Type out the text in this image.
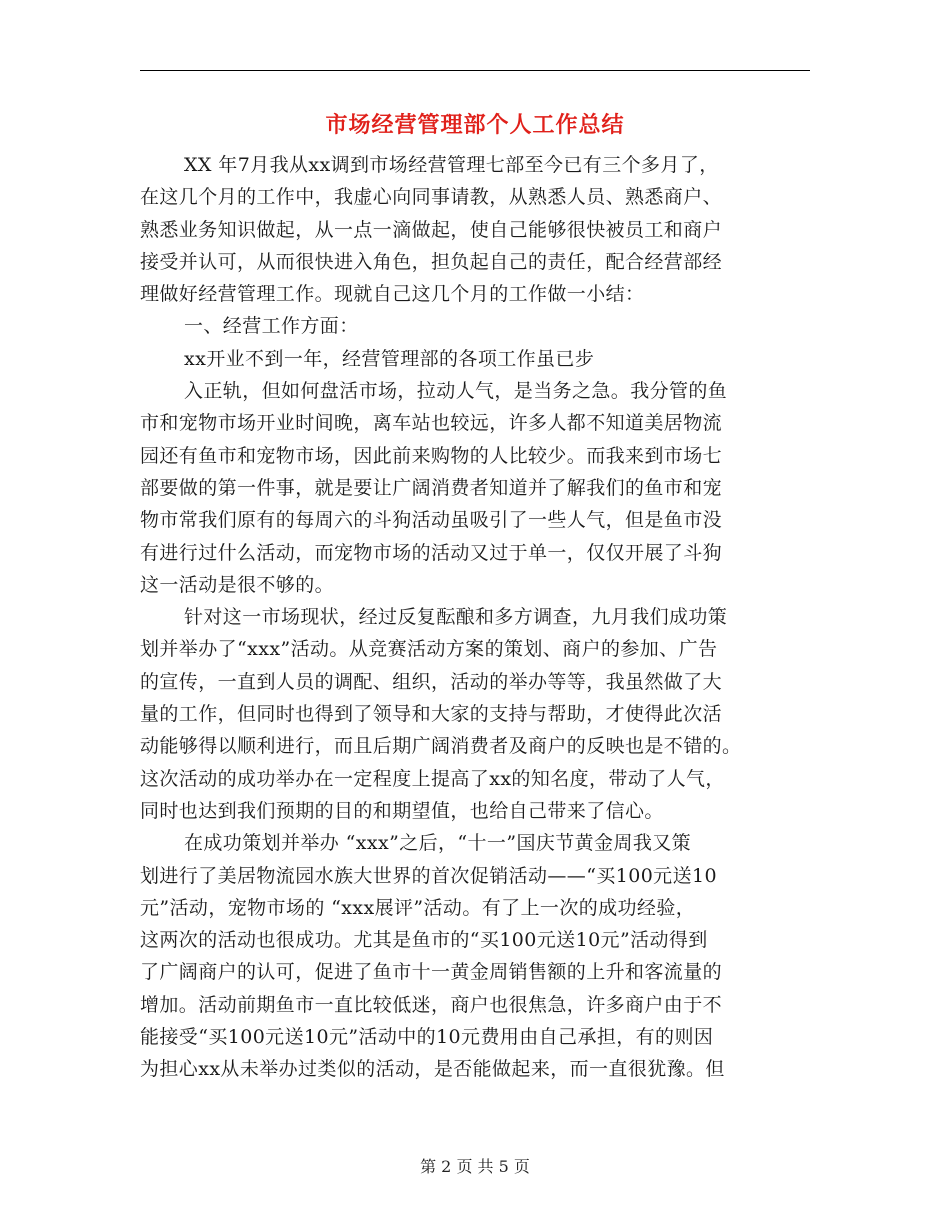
市场经营管理部个人工作总结
XX 年7月我从xx调到市场经营管理七部至今已有三个多月了，
在这几个月的工作中，我虚心向同事请教，从熟悉人员、熟悉商户、
熟悉业务知识做起，从一点一滴做起，使自己能够很快被员工和商户
接受并认可，从而很快进入角色，担负起自己的责任，配合经营部经
理做好经营管理工作。现就自己这几个月的工作做一小结：
一、经营工作方面：
xx开业不到一年，经营管理部的各项工作虽已步
入正轨，但如何盘活市场，拉动人气，是当务之急。我分管的鱼
市和宠物市场开业时间晚，离车站也较远，许多人都不知道美居物流
园还有鱼市和宠物市场，因此前来购物的人比较少。而我来到市场七
部要做的第一件事，就是要让广阔消费者知道并了解我们的鱼市和宠
物市常我们原有的每周六的斗狗活动虽吸引了一些人气，但是鱼市没
有进行过什么活动，而宠物市场的活动又过于单一，仅仅开展了斗狗
这一活动是很不够的。
针对这一市场现状，经过反复酝酿和多方调查，九月我们成功策
划并举办了“xxx”活动。从竞赛活动方案的策划、商户的参加、广告
的宣传，一直到人员的调配、组织，活动的举办等等，我虽然做了大
量的工作，但同时也得到了领导和大家的支持与帮助，才使得此次活
动能够得以顺利进行，而且后期广阔消费者及商户的反映也是不错的。
这次活动的成功举办在一定程度上提高了xx的知名度，带动了人气，
同时也达到我们预期的目的和期望值，也给自己带来了信心。
在成功策划并举办 “xxx”之后，“十一”国庆节黄金周我又策
划进行了美居物流园水族大世界的首次促销活动——“买100元送10
元”活动，宠物市场的 “xxx展评”活动。有了上一次的成功经验，
这两次的活动也很成功。尤其是鱼市的“买100元送10元”活动得到
了广阔商户的认可，促进了鱼市十一黄金周销售额的上升和客流量的
增加。活动前期鱼市一直比较低迷，商户也很焦急，许多商户由于不
能接受“买100元送10元”活动中的10元费用由自己承担，有的则因
为担心xx从未举办过类似的活动，是否能做起来，而一直很犹豫。但
第 2 页 共 5 页
